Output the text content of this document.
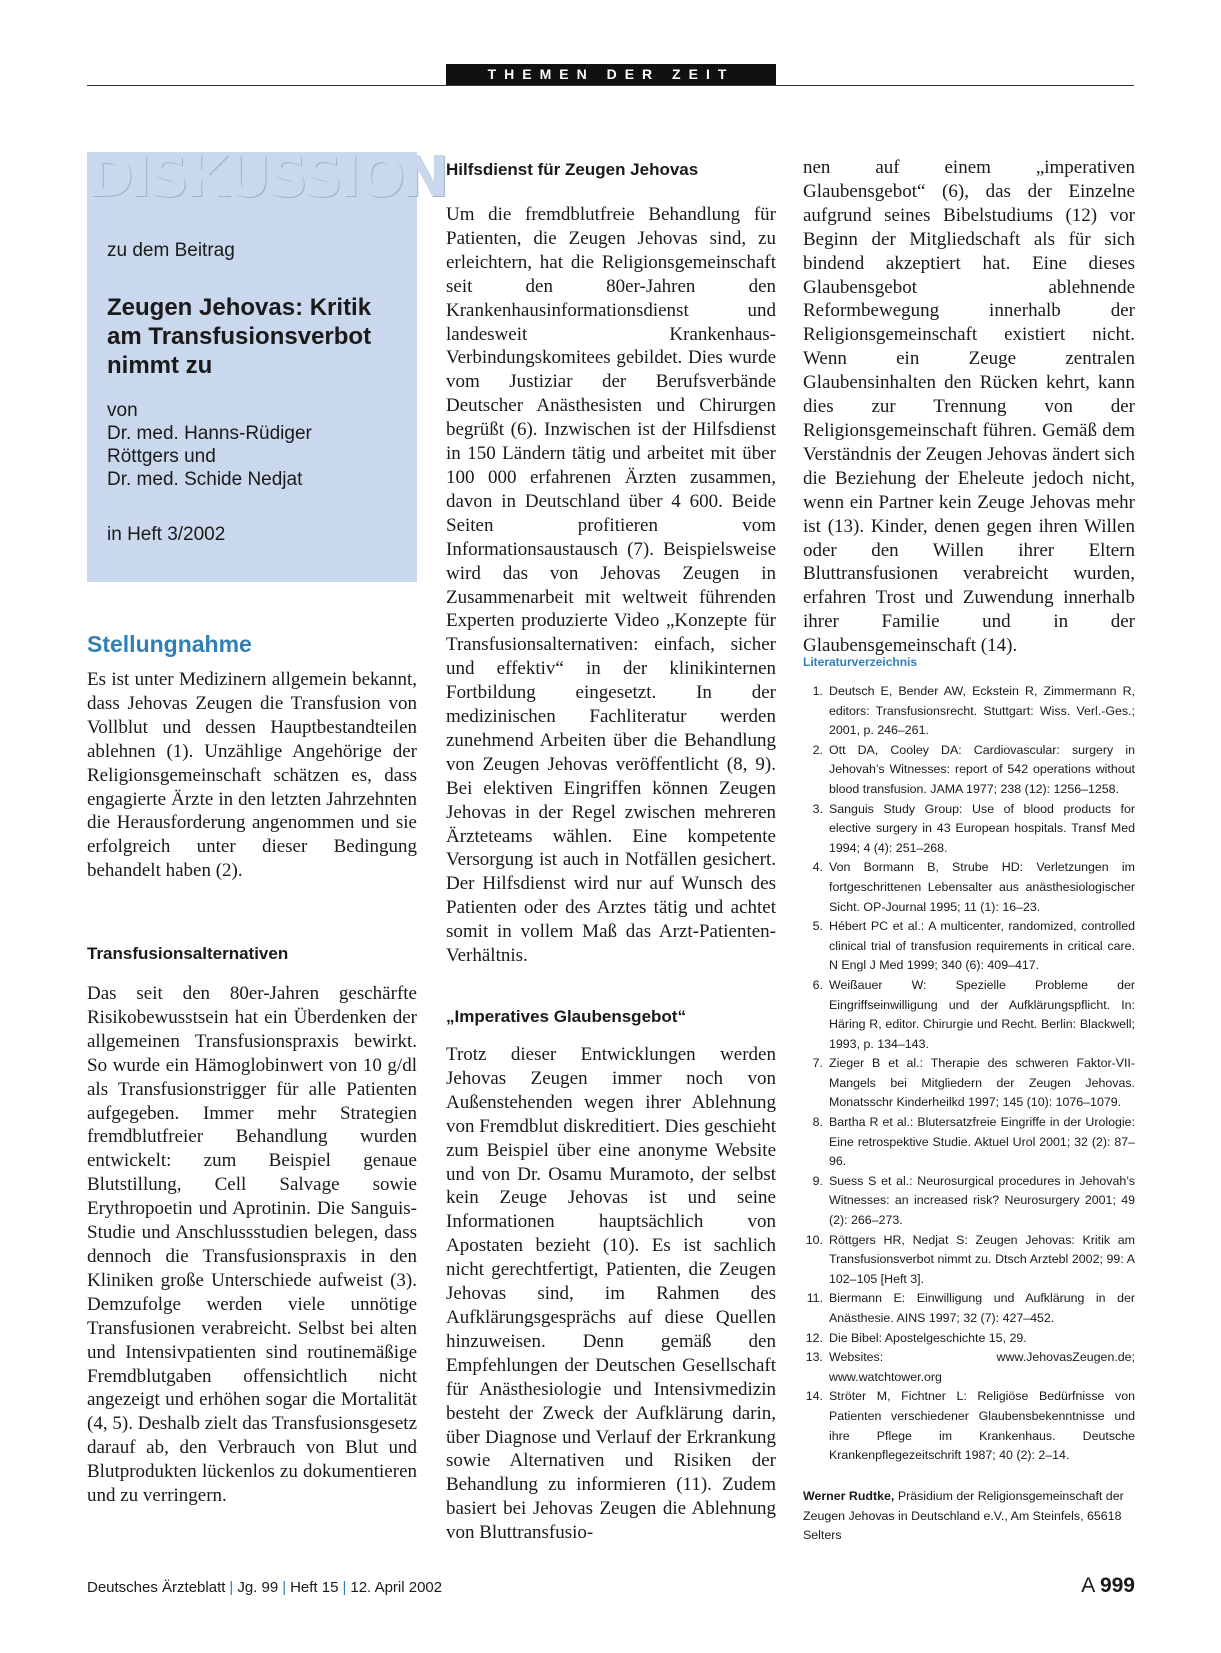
THEMEN DER ZEIT
DISKUSSION
zu dem Beitrag
Zeugen Jehovas: Kritik am Transfusionsverbot nimmt zu
von
Dr. med. Hanns-Rüdiger
Röttgers und
Dr. med. Schide Nedjat
in Heft 3/2002
Stellungnahme
Es ist unter Medizinern allgemein bekannt, dass Jehovas Zeugen die Transfusion von Vollblut und dessen Hauptbestandteilen ablehnen (1). Unzählige Angehörige der Religionsgemeinschaft schätzen es, dass engagierte Ärzte in den letzten Jahrzehnten die Herausforderung angenommen und sie erfolgreich unter dieser Bedingung behandelt haben (2).
Transfusionsalternativen
Das seit den 80er-Jahren geschärfte Risikobewusstsein hat ein Überdenken der allgemeinen Transfusionspraxis bewirkt. So wurde ein Hämoglobinwert von 10 g/dl als Transfusionstrigger für alle Patienten aufgegeben. Immer mehr Strategien fremdblutfreier Behandlung wurden entwickelt: zum Beispiel genaue Blutstillung, Cell Salvage sowie Erythropoetin und Aprotinin. Die Sanguis-Studie und Anschlussstudien belegen, dass dennoch die Transfusionspraxis in den Kliniken große Unterschiede aufweist (3). Demzufolge werden viele unnötige Transfusionen verabreicht. Selbst bei alten und Intensivpatienten sind routinemäßige Fremdblutgaben offensichtlich nicht angezeigt und erhöhen sogar die Mortalität (4, 5). Deshalb zielt das Transfusionsgesetz darauf ab, den Verbrauch von Blut und Blutprodukten lückenlos zu dokumentieren und zu verringern.
Hilfsdienst für Zeugen Jehovas
Um die fremdblutfreie Behandlung für Patienten, die Zeugen Jehovas sind, zu erleichtern, hat die Religionsgemeinschaft seit den 80er-Jahren den Krankenhausinformationsdienst und landesweit Krankenhaus-Verbindungskomitees gebildet. Dies wurde vom Justiziar der Berufsverbände Deutscher Anästhesisten und Chirurgen begrüßt (6). Inzwischen ist der Hilfsdienst in 150 Ländern tätig und arbeitet mit über 100 000 erfahrenen Ärzten zusammen, davon in Deutschland über 4 600. Beide Seiten profitieren vom Informationsaustausch (7). Beispielsweise wird das von Jehovas Zeugen in Zusammenarbeit mit weltweit führenden Experten produzierte Video „Konzepte für Transfusionsalternativen: einfach, sicher und effektiv“ in der klinikinternen Fortbildung eingesetzt. In der medizinischen Fachliteratur werden zunehmend Arbeiten über die Behandlung von Zeugen Jehovas veröffentlicht (8, 9). Bei elektiven Eingriffen können Zeugen Jehovas in der Regel zwischen mehreren Ärzteteams wählen. Eine kompetente Versorgung ist auch in Notfällen gesichert. Der Hilfsdienst wird nur auf Wunsch des Patienten oder des Arztes tätig und achtet somit in vollem Maß das Arzt-Patienten-Verhältnis.
„Imperatives Glaubensgebot“
Trotz dieser Entwicklungen werden Jehovas Zeugen immer noch von Außenstehenden wegen ihrer Ablehnung von Fremdblut diskreditiert. Dies geschieht zum Beispiel über eine anonyme Website und von Dr. Osamu Muramoto, der selbst kein Zeuge Jehovas ist und seine Informationen hauptsächlich von Apostaten bezieht (10). Es ist sachlich nicht gerechtfertigt, Patienten, die Zeugen Jehovas sind, im Rahmen des Aufklärungsgesprächs auf diese Quellen hinzuweisen. Denn gemäß den Empfehlungen der Deutschen Gesellschaft für Anästhesiologie und Intensivmedizin besteht der Zweck der Aufklärung darin, über Diagnose und Verlauf der Erkrankung sowie Alternativen und Risiken der Behandlung zu informieren (11). Zudem basiert bei Jehovas Zeugen die Ablehnung von Bluttransfusio-
nen auf einem „imperativen Glaubensgebot“ (6), das der Einzelne aufgrund seines Bibelstudiums (12) vor Beginn der Mitgliedschaft als für sich bindend akzeptiert hat. Eine dieses Glaubensgebot ablehnende Reformbewegung innerhalb der Religionsgemeinschaft existiert nicht. Wenn ein Zeuge zentralen Glaubensinhalten den Rücken kehrt, kann dies zur Trennung von der Religionsgemeinschaft führen. Gemäß dem Verständnis der Zeugen Jehovas ändert sich die Beziehung der Eheleute jedoch nicht, wenn ein Partner kein Zeuge Jehovas mehr ist (13). Kinder, denen gegen ihren Willen oder den Willen ihrer Eltern Bluttransfusionen verabreicht wurden, erfahren Trost und Zuwendung innerhalb ihrer Familie und in der Glaubensgemeinschaft (14).
Literaturverzeichnis
1. Deutsch E, Bender AW, Eckstein R, Zimmermann R, editors: Transfusionsrecht. Stuttgart: Wiss. Verl.-Ges.; 2001, p. 246–261.
2. Ott DA, Cooley DA: Cardiovascular: surgery in Jehovah’s Witnesses: report of 542 operations without blood transfusion. JAMA 1977; 238 (12): 1256–1258.
3. Sanguis Study Group: Use of blood products for elective surgery in 43 European hospitals. Transf Med 1994; 4 (4): 251–268.
4. Von Bormann B, Strube HD: Verletzungen im fortgeschrittenen Lebensalter aus anästhesiologischer Sicht. OP-Journal 1995; 11 (1): 16–23.
5. Hébert PC et al.: A multicenter, randomized, controlled clinical trial of transfusion requirements in critical care. N Engl J Med 1999; 340 (6): 409–417.
6. Weißauer W: Spezielle Probleme der Eingriffseinwilligung und der Aufklärungspflicht. In: Häring R, editor. Chirurgie und Recht. Berlin: Blackwell; 1993, p. 134–143.
7. Zieger B et al.: Therapie des schweren Faktor-VII-Mangels bei Mitgliedern der Zeugen Jehovas. Monatsschr Kinderheilkd 1997; 145 (10): 1076–1079.
8. Bartha R et al.: Blutersatzfreie Eingriffe in der Urologie: Eine retrospektive Studie. Aktuel Urol 2001; 32 (2): 87–96.
9. Suess S et al.: Neurosurgical procedures in Jehovah’s Witnesses: an increased risk? Neurosurgery 2001; 49 (2): 266–273.
10. Röttgers HR, Nedjat S: Zeugen Jehovas: Kritik am Transfusionsverbot nimmt zu. Dtsch Arztebl 2002; 99: A 102–105 [Heft 3].
11. Biermann E: Einwilligung und Aufklärung in der Anästhesie. AINS 1997; 32 (7): 427–452.
12. Die Bibel: Apostelgeschichte 15, 29.
13. Websites: www.JehovasZeugen.de; www.watchtower.org
14. Ströter M, Fichtner L: Religiöse Bedürfnisse von Patienten verschiedener Glaubensbekenntnisse und ihre Pflege im Krankenhaus. Deutsche Krankenpflegezeitschrift 1987; 40 (2): 2–14.
Werner Rudtke, Präsidium der Religionsgemeinschaft der Zeugen Jehovas in Deutschland e.V., Am Steinfels, 65618 Selters
Deutsches Ärzteblatt | Jg. 99 | Heft 15 | 12. April 2002	A 999
